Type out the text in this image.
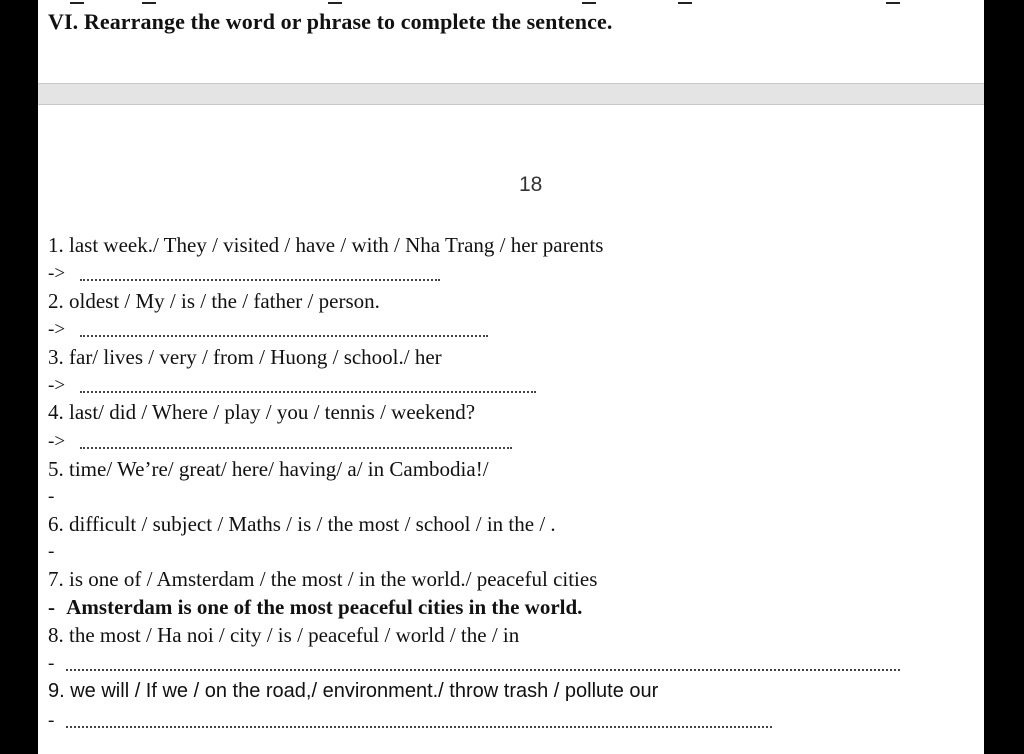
VI. Rearrange the word or phrase to complete the sentence.
18
1. last week./ They / visited / have / with / Nha Trang / her parents
->
2. oldest / My / is / the / father / person.
->
3. far/ lives / very / from / Huong / school./ her
->
4. last/ did / Where / play / you / tennis / weekend?
->
5. time/ We’re/ great/ here/ having/ a/ in Cambodia!/
-
6. difficult / subject / Maths / is / the most / school / in the / .
-
7. is one of / Amsterdam / the most / in the world./ peaceful cities
- Amsterdam is one of the most peaceful cities in the world.
8. the most / Ha noi / city / is / peaceful / world / the / in
-
9. we will / If we / on the road,/ environment./ throw trash / pollute our
-
